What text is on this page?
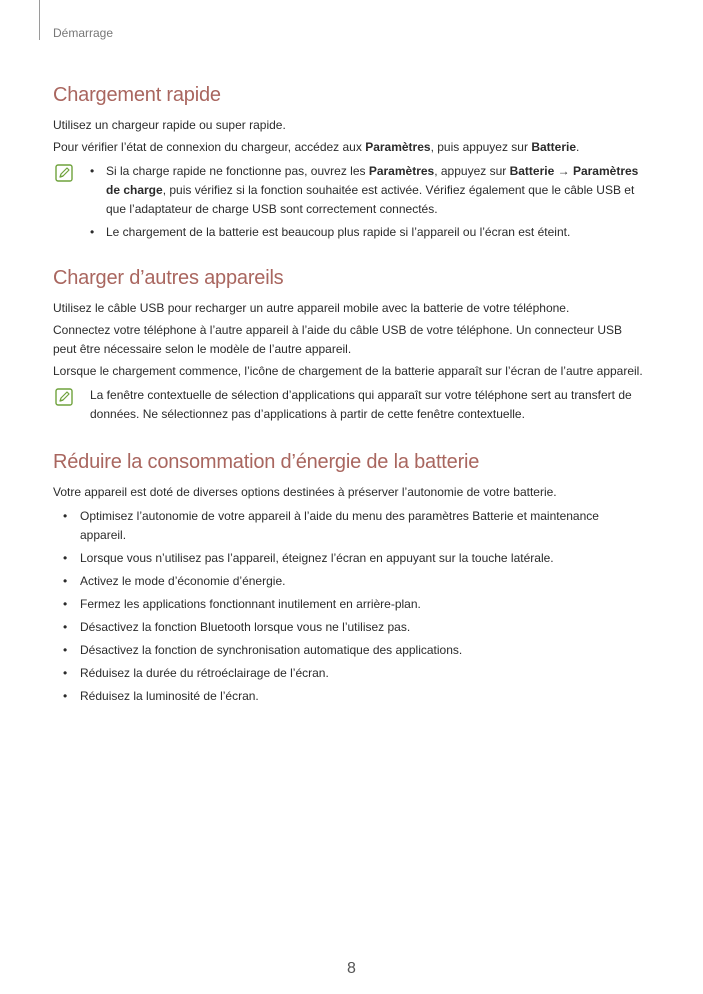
Démarrage
Chargement rapide

Utilisez un chargeur rapide ou super rapide.

Pour vérifier l’état de connexion du chargeur, accédez aux Paramètres, puis appuyez sur Batterie.

• Si la charge rapide ne fonctionne pas, ouvrez les Paramètres, appuyez sur Batterie → Paramètres de charge, puis vérifiez si la fonction souhaitée est activée. Vérifiez également que le câble USB et que l’adaptateur de charge USB sont correctement connectés.
• Le chargement de la batterie est beaucoup plus rapide si l’appareil ou l’écran est éteint.
Charger d’autres appareils

Utilisez le câble USB pour recharger un autre appareil mobile avec la batterie de votre téléphone.

Connectez votre téléphone à l’autre appareil à l’aide du câble USB de votre téléphone. Un connecteur USB peut être nécessaire selon le modèle de l’autre appareil.

Lorsque le chargement commence, l’icône de chargement de la batterie apparaît sur l’écran de l’autre appareil.

La fenêtre contextuelle de sélection d’applications qui apparaît sur votre téléphone sert au transfert de données. Ne sélectionnez pas d’applications à partir de cette fenêtre contextuelle.

Réduire la consommation d’énergie de la batterie

Votre appareil est doté de diverses options destinées à préserver l’autonomie de votre batterie.

• Optimisez l’autonomie de votre appareil à l’aide du menu des paramètres Batterie et maintenance appareil.
• Lorsque vous n’utilisez pas l’appareil, éteignez l’écran en appuyant sur la touche latérale.
• Activez le mode d’économie d’énergie.
• Fermez les applications fonctionnant inutilement en arrière-plan.
• Désactivez la fonction Bluetooth lorsque vous ne l’utilisez pas.
• Désactivez la fonction de synchronisation automatique des applications.
• Réduisez la durée du rétroéclairage de l’écran.
• Réduisez la luminosité de l’écran.
8
